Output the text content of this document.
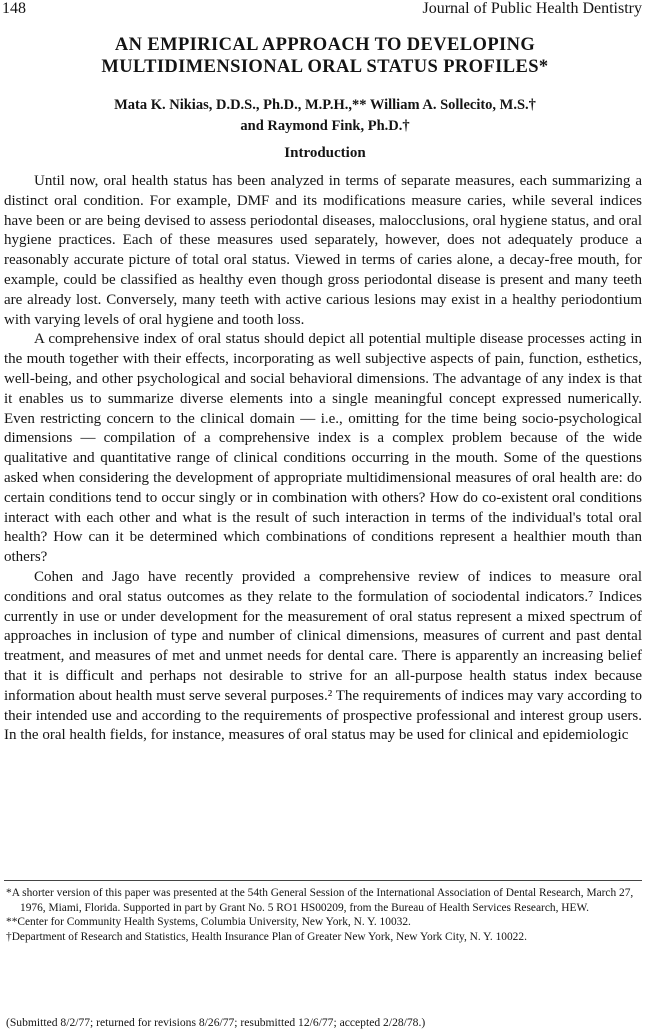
148	Journal of Public Health Dentistry
AN EMPIRICAL APPROACH TO DEVELOPING
MULTIDIMENSIONAL ORAL STATUS PROFILES*
Mata K. Nikias, D.D.S., Ph.D., M.P.H.,** William A. Sollecito, M.S.†
and Raymond Fink, Ph.D.†
Introduction

Until now, oral health status has been analyzed in terms of separate measures, each summarizing a distinct oral condition. For example, DMF and its modifications measure caries, while several indices have been or are being devised to assess periodontal diseases, malocclusions, oral hygiene status, and oral hygiene practices. Each of these measures used separately, however, does not adequately produce a reasonably accurate picture of total oral status. Viewed in terms of caries alone, a decay-free mouth, for example, could be classified as healthy even though gross periodontal disease is present and many teeth are already lost. Conversely, many teeth with active carious lesions may exist in a healthy periodontium with varying levels of oral hygiene and tooth loss.

A comprehensive index of oral status should depict all potential multiple disease processes acting in the mouth together with their effects, incorporating as well subjective aspects of pain, function, esthetics, well-being, and other psychological and social behavioral dimensions. The advantage of any index is that it enables us to summarize diverse elements into a single meaningful concept expressed numerically. Even restricting concern to the clinical domain — i.e., omitting for the time being socio-psychological dimensions — compilation of a comprehensive index is a complex problem because of the wide qualitative and quantitative range of clinical conditions occurring in the mouth. Some of the questions asked when considering the development of appropriate multidimensional measures of oral health are: do certain conditions tend to occur singly or in combination with others? How do co-existent oral conditions interact with each other and what is the result of such interaction in terms of the individual's total oral health? How can it be determined which combinations of conditions represent a healthier mouth than others?

Cohen and Jago have recently provided a comprehensive review of indices to measure oral conditions and oral status outcomes as they relate to the formulation of sociodental indicators.⁷ Indices currently in use or under development for the measurement of oral status represent a mixed spectrum of approaches in inclusion of type and number of clinical dimensions, measures of current and past dental treatment, and measures of met and unmet needs for dental care. There is apparently an increasing belief that it is difficult and perhaps not desirable to strive for an all-purpose health status index because information about health must serve several purposes.² The requirements of indices may vary according to their intended use and according to the requirements of prospective professional and interest group users. In the oral health fields, for instance, measures of oral status may be used for clinical and epidemiologic

*A shorter version of this paper was presented at the 54th General Session of the International Association of Dental Research, March 27, 1976, Miami, Florida. Supported in part by Grant No. 5 RO1 HS00209, from the Bureau of Health Services Research, HEW.

**Center for Community Health Systems, Columbia University, New York, N. Y. 10032.

†Department of Research and Statistics, Health Insurance Plan of Greater New York, New York City, N. Y. 10022.

(Submitted 8/2/77; returned for revisions 8/26/77; resubmitted 12/6/77; accepted 2/28/78.)
